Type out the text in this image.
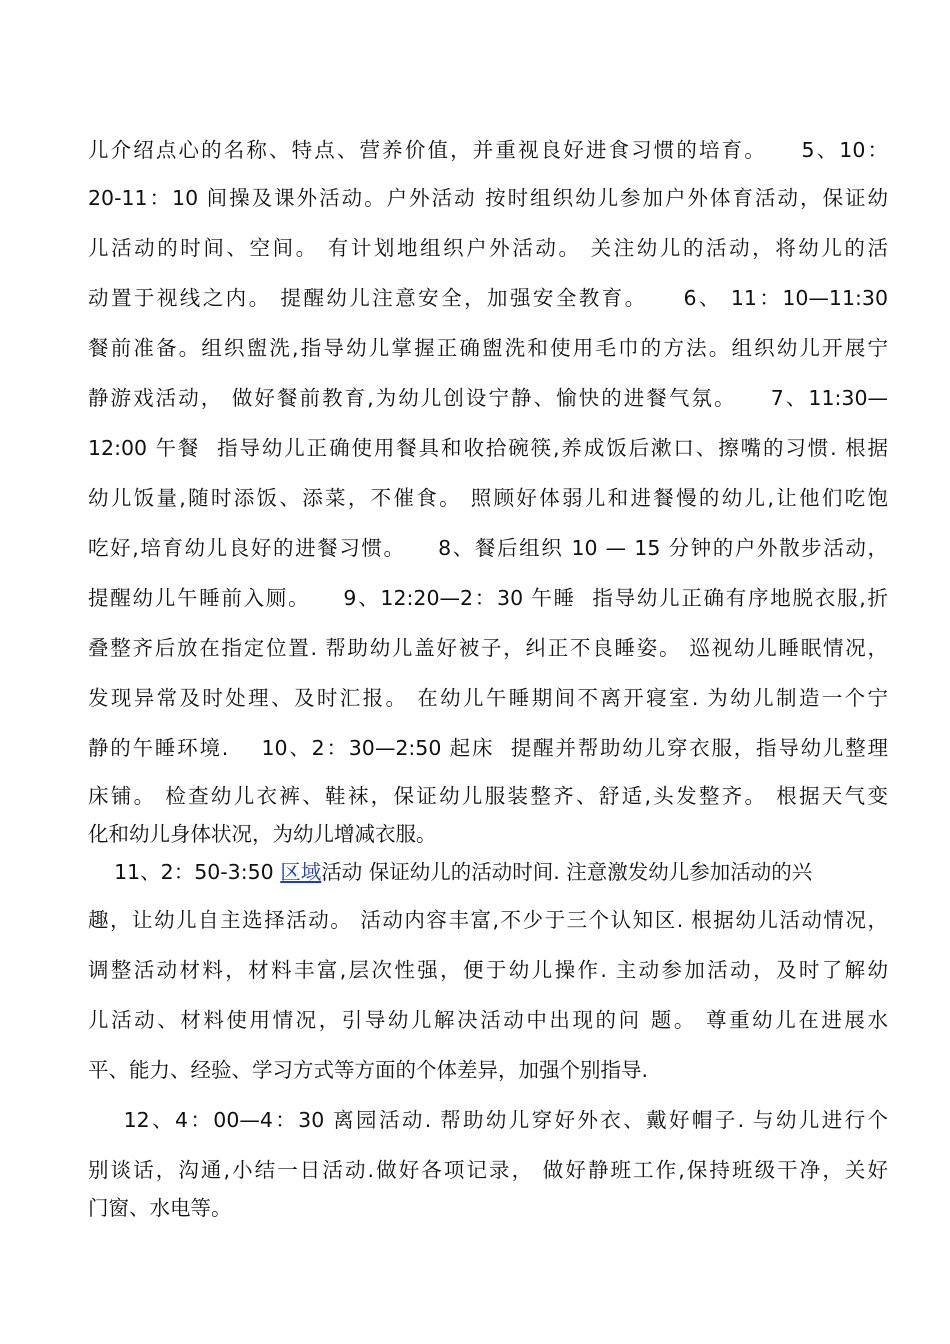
儿介绍点心的名称、特点、营养价值，并重视良好进食习惯的培育。    5、10：
20-11：10 间操及课外活动。户外活动 按时组织幼儿参加户外体育活动，保证幼
儿活动的时间、空间。 有计划地组织户外活动。 关注幼儿的活动，将幼儿的活
动置于视线之内。 提醒幼儿注意安全，加强安全教育。    6、 11：10—11:30
餐前准备。组织盥洗,指导幼儿掌握正确盥洗和使用毛巾的方法。组织幼儿开展宁
静游戏活动， 做好餐前教育,为幼儿创设宁静、愉快的进餐气氛。    7、11:30—
12:00 午餐  指导幼儿正确使用餐具和收拾碗筷,养成饭后漱口、擦嘴的习惯. 根据
幼儿饭量,随时添饭、添菜，不催食。 照顾好体弱儿和进餐慢的幼儿,让他们吃饱
吃好,培育幼儿良好的进餐习惯。    8、餐后组织 10 — 15 分钟的户外散步活动，
提醒幼儿午睡前入厕。    9、12:20—2：30 午睡  指导幼儿正确有序地脱衣服,折
叠整齐后放在指定位置. 帮助幼儿盖好被子，纠正不良睡姿。 巡视幼儿睡眠情况，
发现异常及时处理、及时汇报。 在幼儿午睡期间不离开寝室. 为幼儿制造一个宁
静的午睡环境.    10、2：30—2:50 起床  提醒并帮助幼儿穿衣服，指导幼儿整理
床铺。 检查幼儿衣裤、鞋袜，保证幼儿服装整齐、舒适,头发整齐。 根据天气变
化和幼儿身体状况，为幼儿增减衣服。
11、2：50-3:50 区域活动 保证幼儿的活动时间. 注意激发幼儿参加活动的兴
趣，让幼儿自主选择活动。 活动内容丰富,不少于三个认知区. 根据幼儿活动情况，
调整活动材料，材料丰富,层次性强，便于幼儿操作. 主动参加活动，及时了解幼
儿活动、材料使用情况，引导幼儿解决活动中出现的问 题。 尊重幼儿在进展水
平、能力、经验、学习方式等方面的个体差异，加强个别指导.
12、4：00—4：30 离园活动. 帮助幼儿穿好外衣、戴好帽子. 与幼儿进行个
别谈话，沟通,小结一日活动.做好各项记录， 做好静班工作,保持班级干净，关好
门窗、水电等。
